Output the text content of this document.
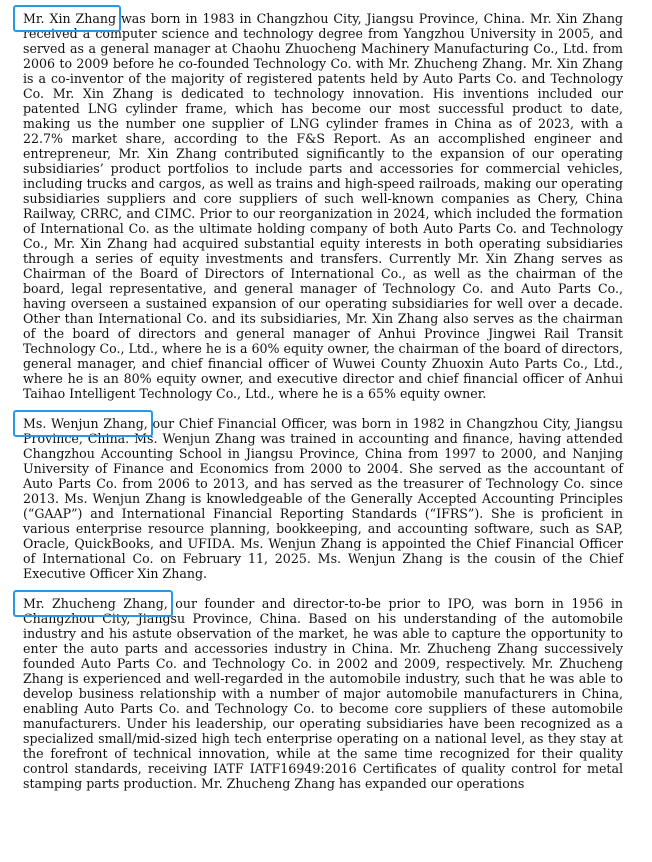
Mr. Xin Zhang was born in 1983 in Changzhou City, Jiangsu Province, China. Mr. Xin Zhang received a computer science and technology degree from Yangzhou University in 2005, and served as a general manager at Chaohu Zhuocheng Machinery Manufacturing Co., Ltd. from 2006 to 2009 before he co-founded Technology Co. with Mr. Zhucheng Zhang. Mr. Xin Zhang is a co-inventor of the majority of registered patents held by Auto Parts Co. and Technology Co. Mr. Xin Zhang is dedicated to technology innovation. His inventions included our patented LNG cylinder frame, which has become our most successful product to date, making us the number one supplier of LNG cylinder frames in China as of 2023, with a 22.7% market share, according to the F&S Report. As an accomplished engineer and entrepreneur, Mr. Xin Zhang contributed significantly to the expansion of our operating subsidiaries’ product portfolios to include parts and accessories for commercial vehicles, including trucks and cargos, as well as trains and high-speed railroads, making our operating subsidiaries suppliers and core suppliers of such well-known companies as Chery, China Railway, CRRC, and CIMC. Prior to our reorganization in 2024, which included the formation of International Co. as the ultimate holding company of both Auto Parts Co. and Technology Co., Mr. Xin Zhang had acquired substantial equity interests in both operating subsidiaries through a series of equity investments and transfers. Currently Mr. Xin Zhang serves as Chairman of the Board of Directors of International Co., as well as the chairman of the board, legal representative, and general manager of Technology Co. and Auto Parts Co., having overseen a sustained expansion of our operating subsidiaries for well over a decade. Other than International Co. and its subsidiaries, Mr. Xin Zhang also serves as the chairman of the board of directors and general manager of Anhui Province Jingwei Rail Transit Technology Co., Ltd., where he is a 60% equity owner, the chairman of the board of directors, general manager, and chief financial officer of Wuwei County Zhuoxin Auto Parts Co., Ltd., where he is an 80% equity owner, and executive director and chief financial officer of Anhui Taihao Intelligent Technology Co., Ltd., where he is a 65% equity owner.

Ms. Wenjun Zhang, our Chief Financial Officer, was born in 1982 in Changzhou City, Jiangsu Province, China. Ms. Wenjun Zhang was trained in accounting and finance, having attended Changzhou Accounting School in Jiangsu Province, China from 1997 to 2000, and Nanjing University of Finance and Economics from 2000 to 2004. She served as the accountant of Auto Parts Co. from 2006 to 2013, and has served as the treasurer of Technology Co. since 2013. Ms. Wenjun Zhang is knowledgeable of the Generally Accepted Accounting Principles (“GAAP”) and International Financial Reporting Standards (“IFRS”). She is proficient in various enterprise resource planning, bookkeeping, and accounting software, such as SAP, Oracle, QuickBooks, and UFIDA. Ms. Wenjun Zhang is appointed the Chief Financial Officer of International Co. on February 11, 2025. Ms. Wenjun Zhang is the cousin of the Chief Executive Officer Xin Zhang.

Mr. Zhucheng Zhang, our founder and director-to-be prior to IPO, was born in 1956 in Changzhou City, Jiangsu Province, China. Based on his understanding of the automobile industry and his astute observation of the market, he was able to capture the opportunity to enter the auto parts and accessories industry in China. Mr. Zhucheng Zhang successively founded Auto Parts Co. and Technology Co. in 2002 and 2009, respectively. Mr. Zhucheng Zhang is experienced and well-regarded in the automobile industry, such that he was able to develop business relationship with a number of major automobile manufacturers in China, enabling Auto Parts Co. and Technology Co. to become core suppliers of these automobile manufacturers. Under his leadership, our operating subsidiaries have been recognized as a specialized small/mid-sized high tech enterprise operating on a national level, as they stay at the forefront of technical innovation, while at the same time recognized for their quality control standards, receiving IATF IATF16949:2016 Certificates of quality control for metal stamping parts production. Mr. Zhucheng Zhang has expanded our operations
